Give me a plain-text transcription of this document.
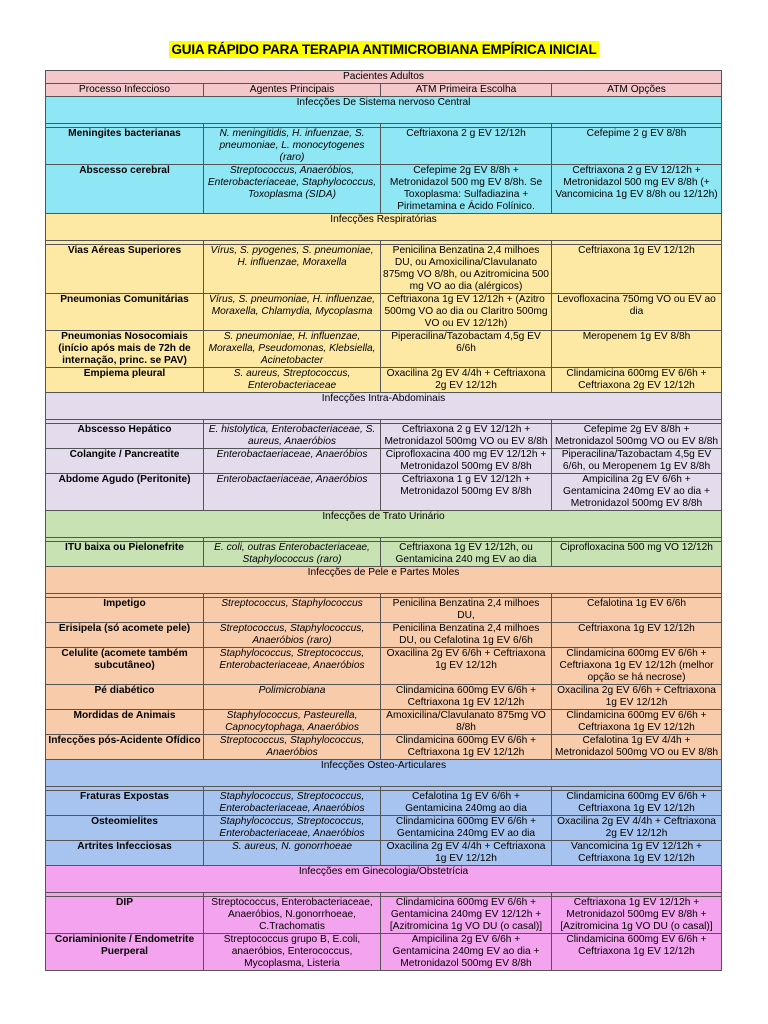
GUIA RÁPIDO PARA TERAPIA ANTIMICROBIANA EMPÍRICA INICIAL
Pacientes Adultos			
Processo Infeccioso	Agentes Principais	ATM Primeira Escolha	ATM Opções
Infecções De Sistema nervoso Central			

Meningites bacterianas	N. meningitidis, H. infuenzae, S. pneumoniae, L. monocytogenes (raro)	Ceftriaxona 2 g EV 12/12h	Cefepime 2 g EV 8/8h
Abscesso cerebral	Streptococcus, Anaeróbios, Enterobacteriaceae, Staphylococcus, Toxoplasma (SIDA)	Cefepime 2g EV 8/8h + Metronidazol 500 mg EV 8/8h. Se Toxoplasma: Sulfadiazina + Pirimetamina e Ácido Folínico.	Ceftriaxona 2 g EV 12/12h + Metronidazol 500 mg EV 8/8h (+ Vancomicina 1g EV 8/8h ou 12/12h)
Infecções Respiratórias			

Vias Aéreas Superiores	Vírus, S. pyogenes, S. pneumoniae, H. influenzae, Moraxella	Penicilina Benzatina 2,4 milhoes DU, ou Amoxicilina/Clavulanato 875mg VO 8/8h, ou Azitromicina 500 mg VO ao dia (alérgicos)	Ceftriaxona 1g EV 12/12h
Pneumonias Comunitárias	Vírus, S. pneumoniae, H. influenzae, Moraxella, Chlamydia, Mycoplasma	Ceftriaxona 1g EV 12/12h + (Azitro 500mg VO ao dia ou Claritro 500mg VO ou EV 12/12h)	Levofloxacina 750mg VO ou EV ao dia
Pneumonias Nosocomiais (início após mais de 72h de internação, princ. se PAV)	S. pneumoniae, H. influenzae, Moraxella, Pseudomonas, Klebsiella, Acinetobacter	Piperacilina/Tazobactam 4,5g EV 6/6h	Meropenem 1g EV 8/8h
Empiema pleural	S. aureus, Streptococcus, Enterobacteriaceae	Oxacilina 2g EV 4/4h + Ceftriaxona 2g EV 12/12h	Clindamicina 600mg EV 6/6h + Ceftriaxona 2g EV 12/12h
Infecções Intra-Abdominais			

Abscesso Hepático	E. histolytica, Enterobacteriaceae, S. aureus, Anaeróbios	Ceftriaxona 2 g EV 12/12h + Metronidazol 500mg VO ou EV 8/8h	Cefepime 2g EV 8/8h + Metronidazol 500mg VO ou EV 8/8h
Colangite / Pancreatite	Enterobactaeriaceae, Anaeróbios	Ciprofloxacina 400 mg EV 12/12h + Metronidazol 500mg EV 8/8h	Piperacilina/Tazobactam 4,5g EV 6/6h, ou Meropenem 1g EV 8/8h
Abdome Agudo (Peritonite)	Enterobactaeriaceae, Anaeróbios	Ceftriaxona 1 g EV 12/12h + Metronidazol 500mg EV 8/8h	Ampicilina 2g EV 6/6h + Gentamicina 240mg EV ao dia + Metronidazol 500mg EV 8/8h
Infecções de Trato Urinário			

ITU baixa ou Pielonefrite	E. coli, outras Enterobacteriaceae, Staphylococcus (raro)	Ceftriaxona 1g EV 12/12h, ou Gentamicina 240 mg EV ao dia	Ciprofloxacina 500 mg VO 12/12h
Infecções de Pele e Partes Moles			

Impetigo	Streptococcus, Staphylococcus	Penicilina Benzatina 2,4 milhoes DU,	Cefalotina 1g EV 6/6h
Erisipela (só acomete pele)	Streptococcus, Staphylococcus, Anaeróbios (raro)	Penicilina Benzatina 2,4 milhoes DU, ou Cefalotina 1g EV 6/6h	Ceftriaxona 1g EV 12/12h
Celulite (acomete também subcutâneo)	Staphylococcus, Streptococcus, Enterobacteriaceae, Anaeróbios	Oxacilina 2g EV 6/6h + Ceftriaxona 1g EV 12/12h	Clindamicina 600mg EV 6/6h + Ceftriaxona 1g EV 12/12h (melhor opção se há necrose)
Pé diabético	Polimicrobiana	Clindamicina 600mg EV 6/6h + Ceftriaxona 1g EV 12/12h	Oxacilina 2g EV 6/6h + Ceftriaxona 1g EV 12/12h
Mordidas de Animais	Staphylococcus, Pasteurella, Capnocytophaga, Anaeróbios	Amoxicilina/Clavulanato 875mg VO 8/8h	Clindamicina 600mg EV 6/6h + Ceftriaxona 1g EV 12/12h
Infecções pós-Acidente Ofídico	Streptococcus, Staphylococcus, Anaeróbios	Clindamicina 600mg EV 6/6h + Ceftriaxona 1g EV 12/12h	Cefalotina 1g EV 4/4h + Metronidazol 500mg VO ou EV 8/8h
Infecções Ósteo-Articulares			

Fraturas Expostas	Staphylococcus, Streptococcus, Enterobacteriaceae, Anaeróbios	Cefalotina 1g EV 6/6h + Gentamicina 240mg ao dia	Clindamicina 600mg EV 6/6h + Ceftriaxona 1g EV 12/12h
Osteomielites	Staphylococcus, Streptococcus, Enterobacteriaceae, Anaeróbios	Clindamicina 600mg EV 6/6h + Gentamicina 240mg EV ao dia	Oxacilina 2g EV 4/4h + Ceftriaxona 2g EV 12/12h
Artrites Infecciosas	S. aureus, N. gonorrhoeae	Oxacilina 2g EV 4/4h + Ceftriaxona 1g EV 12/12h	Vancomicina 1g EV 12/12h + Ceftriaxona 1g EV 12/12h
Infecções em Ginecologia/Obstetrícia			

DIP	Streptococcus, Enterobacteriaceae, Anaeróbios, N.gonorrhoeae, C.Trachomatis	Clindamicina 600mg EV 6/6h + Gentamicina 240mg EV 12/12h + [Azitromicina 1g VO DU (o casal)]	Ceftriaxona 1g EV 12/12h + Metronidazol 500mg EV 8/8h + [Azitromicina 1g VO DU (o casal)]
Coriaminionite / Endometrite Puerperal	Streptococcus grupo B, E.coli, anaeróbios, Enterococcus, Mycoplasma, Listeria	Ampicilina 2g EV 6/6h + Gentamicina 240mg EV ao dia + Metronidazol 500mg EV 8/8h	Clindamicina 600mg EV 6/6h + Ceftriaxona 1g EV 12/12h
